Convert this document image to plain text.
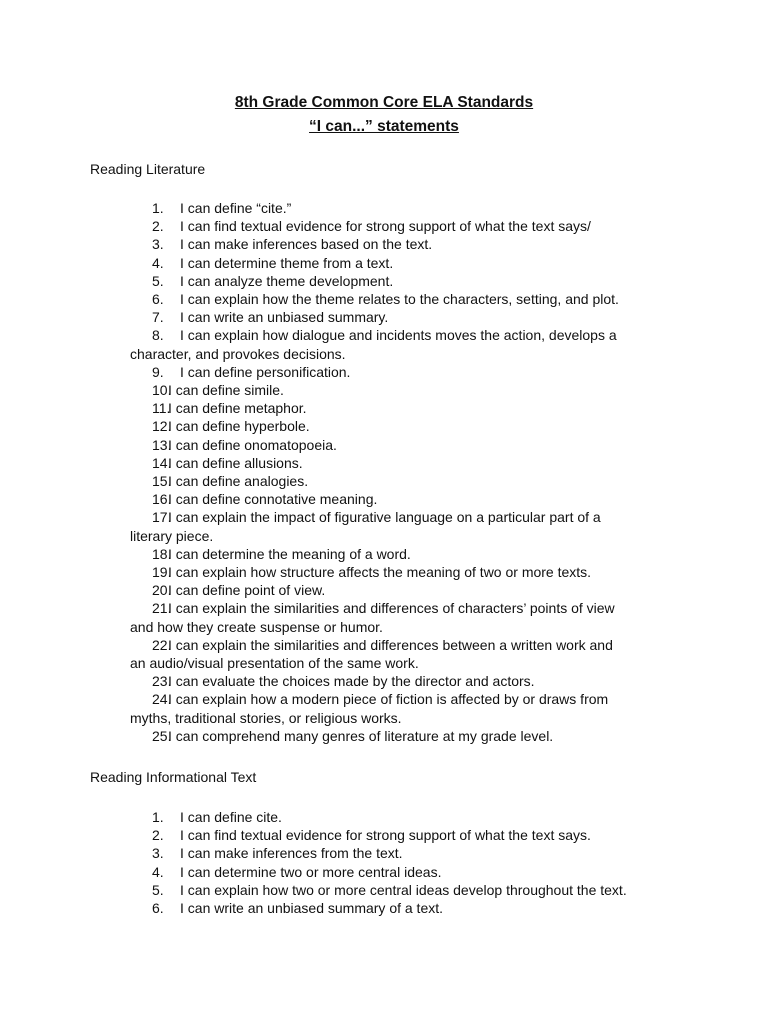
8th Grade Common Core ELA Standards
“I can...” statements
Reading Literature
1. I can define “cite.”
2. I can find textual evidence for strong support of what the text says/
3. I can make inferences based on the text.
4. I can determine theme from a text.
5. I can analyze theme development.
6. I can explain how the theme relates to the characters, setting, and plot.
7. I can write an unbiased summary.
8. I can explain how dialogue and incidents moves the action, develops a
character, and provokes decisions.
9. I can define personification.
10.I can define simile.
11.I can define metaphor.
12.I can define hyperbole.
13.I can define onomatopoeia.
14.I can define allusions.
15.I can define analogies.
16.I can define connotative meaning.
17.I can explain the impact of figurative language on a particular part of a
literary piece.
18.I can determine the meaning of a word.
19.I can explain how structure affects the meaning of two or more texts.
20.I can define point of view.
21.I can explain the similarities and differences of characters’ points of view
and how they create suspense or humor.
22.I can explain the similarities and differences between a written work and
an audio/visual presentation of the same work.
23.I can evaluate the choices made by the director and actors.
24.I can explain how a modern piece of fiction is affected by or draws from
myths, traditional stories, or religious works.
25.I can comprehend many genres of literature at my grade level.
Reading Informational Text
1. I can define cite.
2. I can find textual evidence for strong support of what the text says.
3. I can make inferences from the text.
4. I can determine two or more central ideas.
5. I can explain how two or more central ideas develop throughout the text.
6. I can write an unbiased summary of a text.
